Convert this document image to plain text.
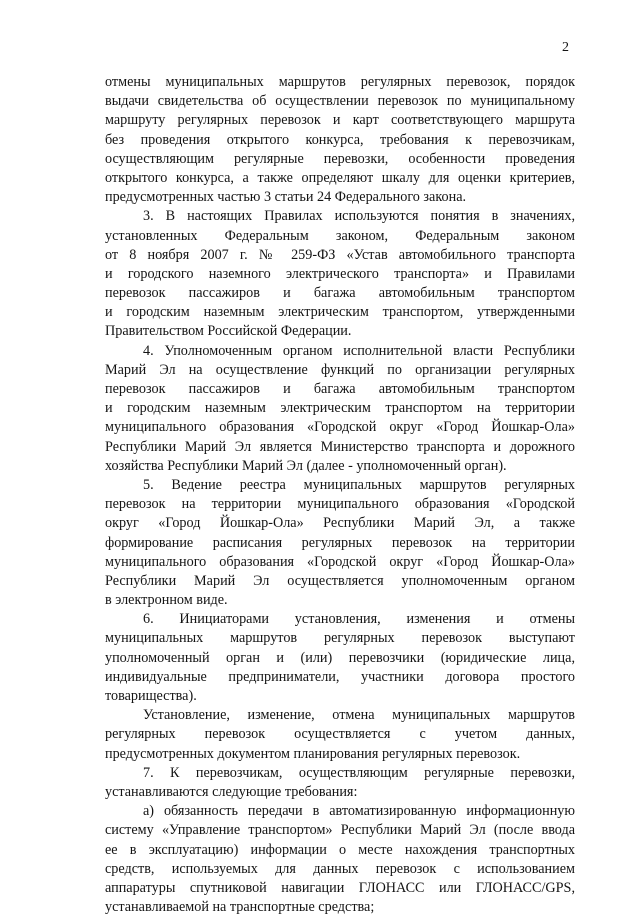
2
отмены муниципальных маршрутов регулярных перевозок, порядок
выдачи свидетельства об осуществлении перевозок по муниципальному
маршруту регулярных перевозок и карт соответствующего маршрута
без проведения открытого конкурса, требования к перевозчикам,
осуществляющим регулярные перевозки, особенности проведения
открытого конкурса, а также определяют шкалу для оценки критериев,
предусмотренных частью 3 статьи 24 Федерального закона.
3. В настоящих Правилах используются понятия в значениях,
установленных Федеральным законом, Федеральным законом
от 8 ноября 2007 г. № 259-ФЗ «Устав автомобильного транспорта
и городского наземного электрического транспорта» и Правилами
перевозок пассажиров и багажа автомобильным транспортом
и городским наземным электрическим транспортом, утвержденными
Правительством Российской Федерации.
4. Уполномоченным органом исполнительной власти Республики
Марий Эл на осуществление функций по организации регулярных
перевозок пассажиров и багажа автомобильным транспортом
и городским наземным электрическим транспортом на территории
муниципального образования «Городской округ «Город Йошкар-Ола»
Республики Марий Эл является Министерство транспорта и дорожного
хозяйства Республики Марий Эл (далее - уполномоченный орган).
5. Ведение реестра муниципальных маршрутов регулярных
перевозок на территории муниципального образования «Городской
округ «Город Йошкар-Ола» Республики Марий Эл, а также
формирование расписания регулярных перевозок на территории
муниципального образования «Городской округ «Город Йошкар-Ола»
Республики Марий Эл осуществляется уполномоченным органом
в электронном виде.
6. Инициаторами установления, изменения и отмены
муниципальных маршрутов регулярных перевозок выступают
уполномоченный орган и (или) перевозчики (юридические лица,
индивидуальные предприниматели, участники договора простого
товарищества).
Установление, изменение, отмена муниципальных маршрутов
регулярных перевозок осуществляется с учетом данных,
предусмотренных документом планирования регулярных перевозок.
7. К перевозчикам, осуществляющим регулярные перевозки,
устанавливаются следующие требования:
а) обязанность передачи в автоматизированную информационную
систему «Управление транспортом» Республики Марий Эл (после ввода
ее в эксплуатацию) информации о месте нахождения транспортных
средств, используемых для данных перевозок с использованием
аппаратуры спутниковой навигации ГЛОНАСС или ГЛОНАСС/GPS,
устанавливаемой на транспортные средства;
